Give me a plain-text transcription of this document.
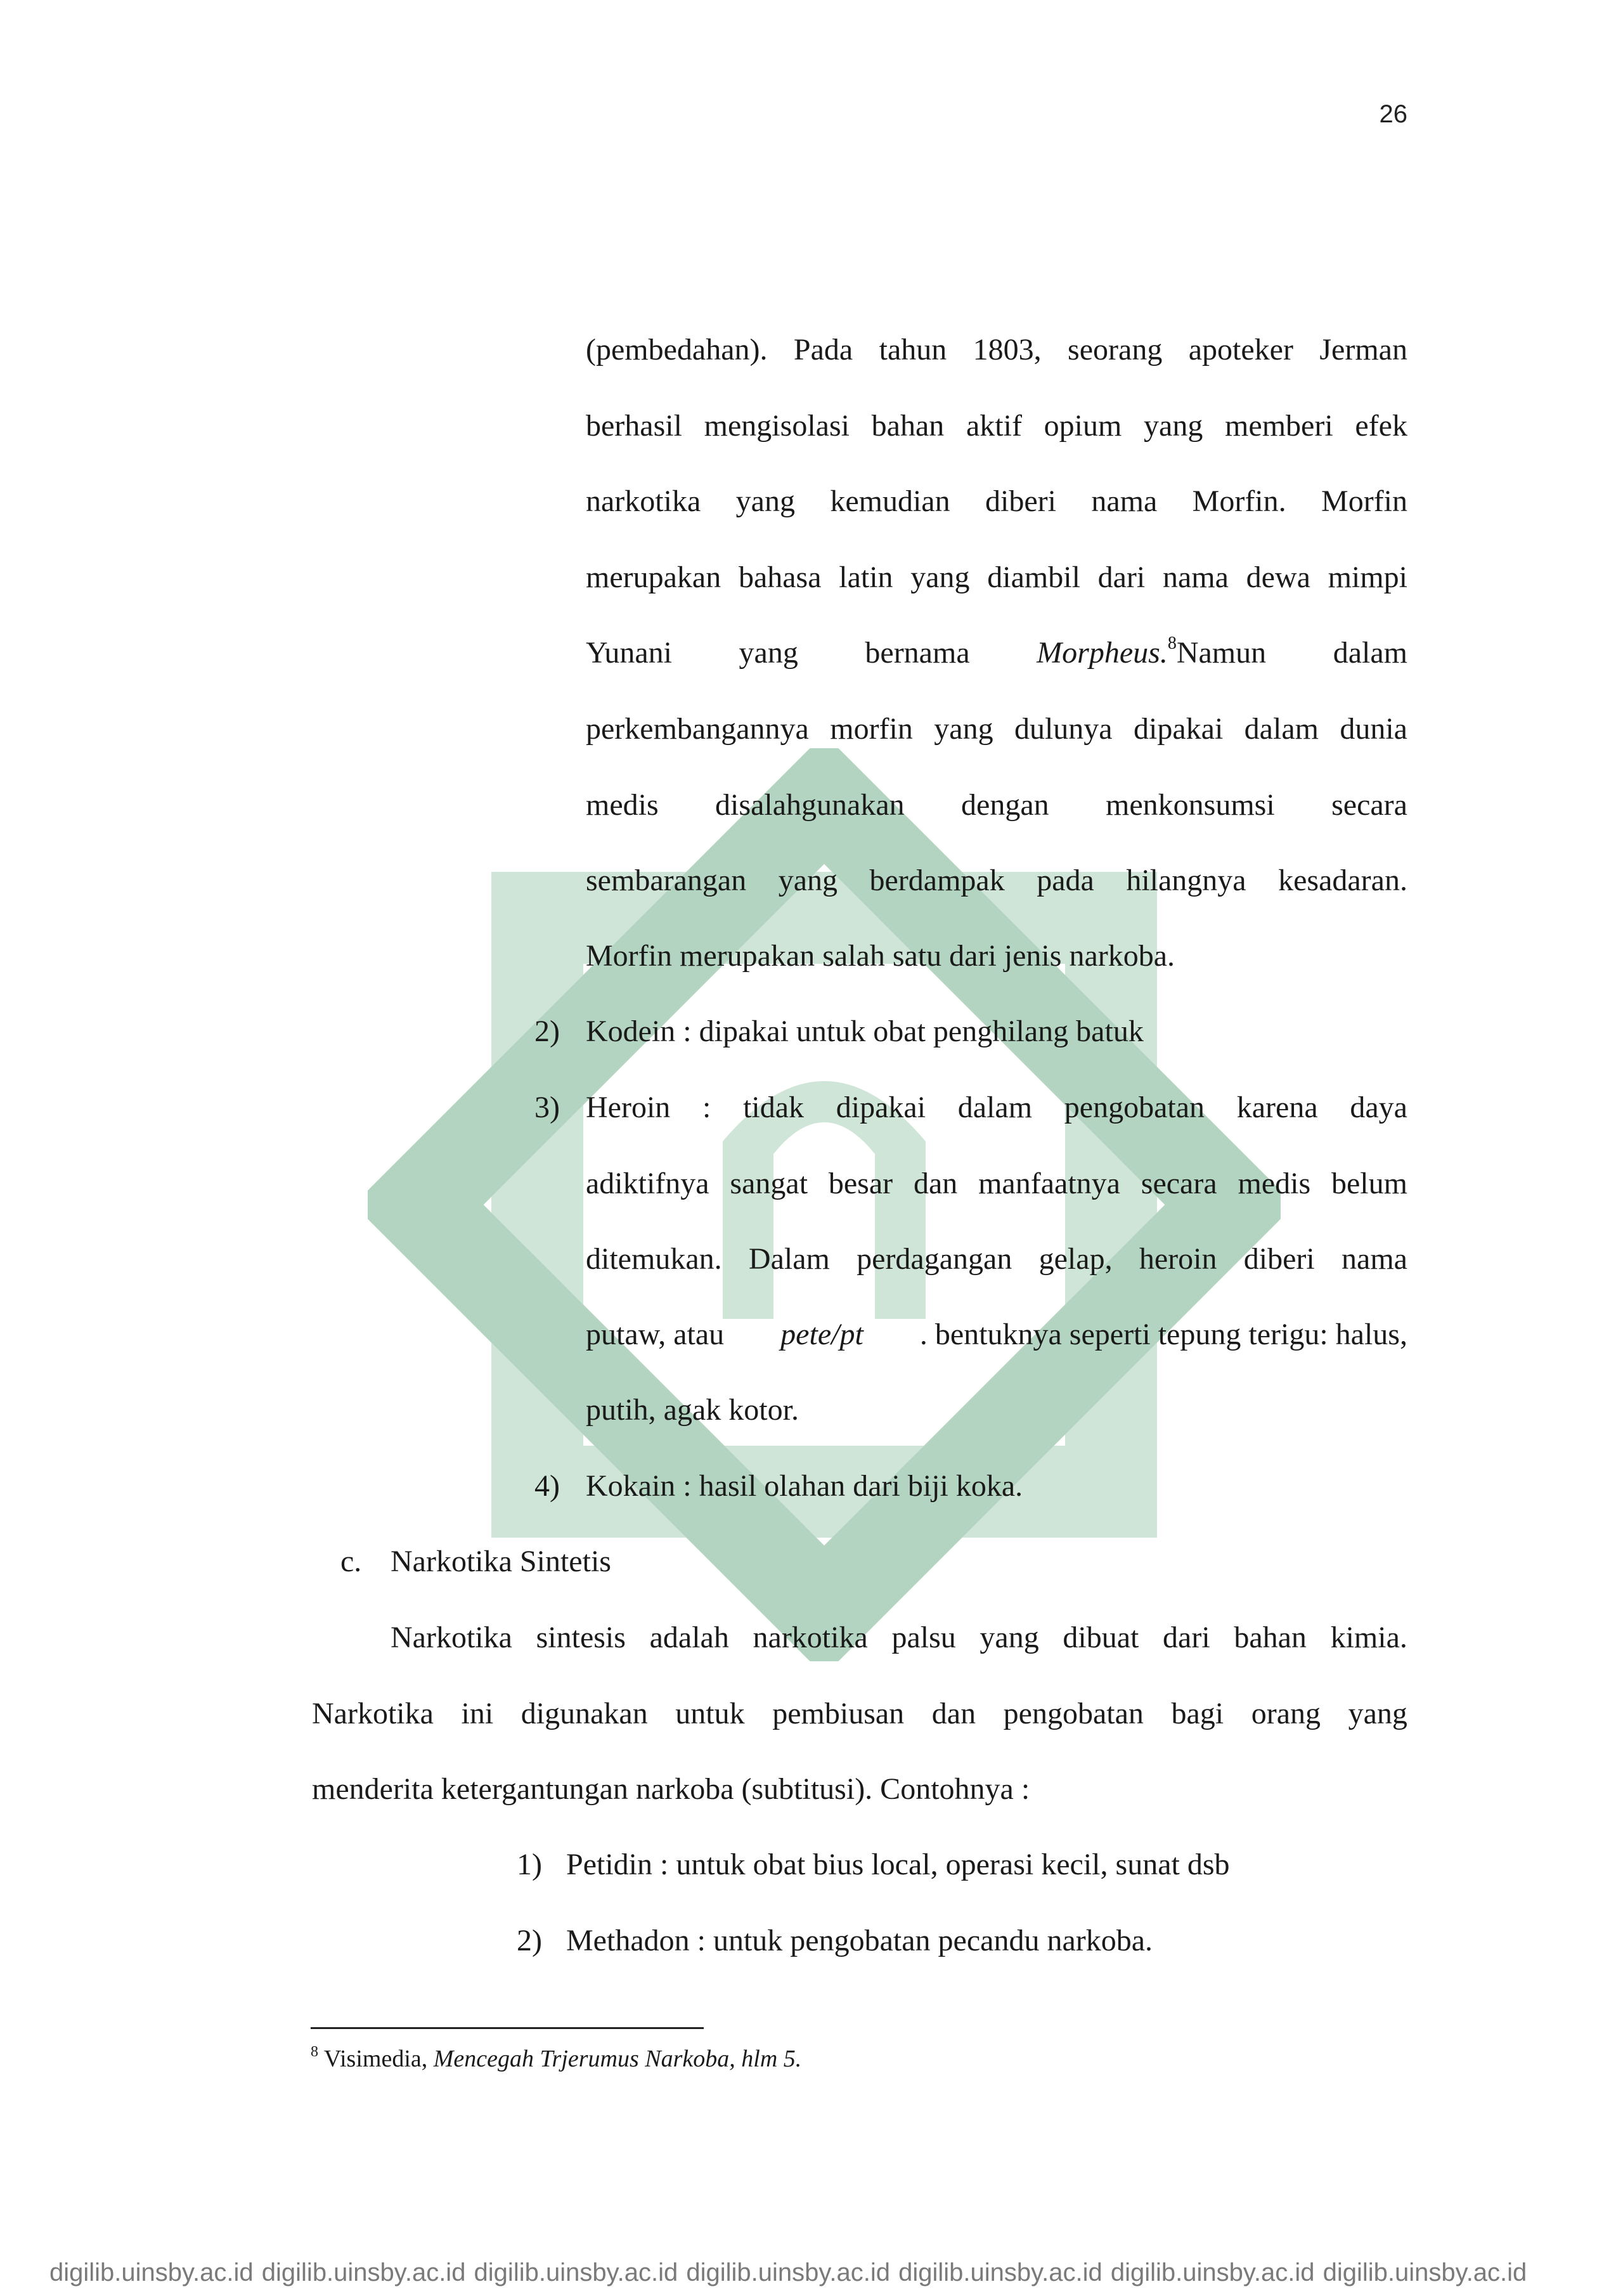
26
(pembedahan). Pada tahun 1803, seorang apoteker Jerman
berhasil mengisolasi bahan aktif opium yang memberi efek
narkotika yang kemudian diberi nama Morfin. Morfin
merupakan bahasa latin yang diambil dari nama dewa mimpi
Yunani yang bernama Morpheus.$^8$Namun dalam
perkembangannya morfin yang dulunya dipakai dalam dunia
medis disalahgunakan dengan menkonsumsi secara
sembarangan yang berdampak pada hilangnya kesadaran.
Morfin merupakan salah satu dari jenis narkoba.
2) Kodein : dipakai untuk obat penghilang batuk
3) Heroin : tidak dipakai dalam pengobatan karena daya
adiktifnya sangat besar dan manfaatnya secara medis belum
ditemukan. Dalam perdagangan gelap, heroin diberi nama
putaw, atau pete/pt . bentuknya seperti tepung terigu: halus,
putih, agak kotor.
4) Kokain : hasil olahan dari biji koka.
c. Narkotika Sintetis
Narkotika sintesis adalah narkotika palsu yang dibuat dari bahan kimia.
Narkotika ini digunakan untuk pembiusan dan pengobatan bagi orang yang
menderita ketergantungan narkoba (subtitusi). Contohnya :
1) Petidin : untuk obat bius local, operasi kecil, sunat dsb
2) Methadon : untuk pengobatan pecandu narkoba.
$^8$ Visimedia, Mencegah Trjerumus Narkoba, hlm 5.
digilib.uinsby.ac.id digilib.uinsby.ac.id digilib.uinsby.ac.id digilib.uinsby.ac.id digilib.uinsby.ac.id digilib.uinsby.ac.id digilib.uinsby.ac.id
